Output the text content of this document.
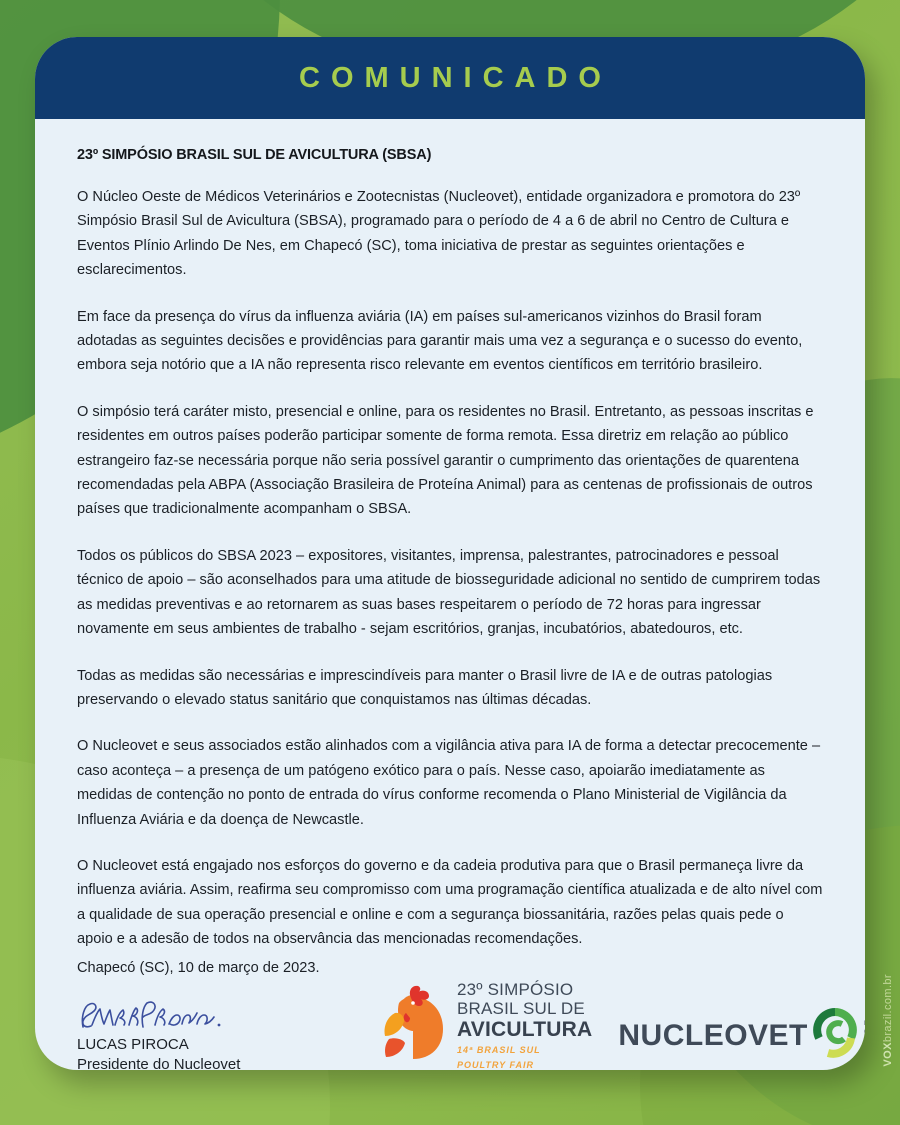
COMUNICADO
23º SIMPÓSIO BRASIL SUL DE AVICULTURA (SBSA)

O Núcleo Oeste de Médicos Veterinários e Zootecnistas (Nucleovet), entidade organizadora e promotora do 23º Simpósio Brasil Sul de Avicultura (SBSA), programado para o período de 4 a 6 de abril no Centro de Cultura e Eventos Plínio Arlindo De Nes, em Chapecó (SC), toma iniciativa de prestar as seguintes orientações e esclarecimentos.

Em face da presença do vírus da influenza aviária (IA) em países sul-americanos vizinhos do Brasil foram adotadas as seguintes decisões e providências para garantir mais uma vez a segurança e o sucesso do evento, embora seja notório que a IA não representa risco relevante em eventos científicos em território brasileiro.

O simpósio terá caráter misto, presencial e online, para os residentes no Brasil. Entretanto, as pessoas inscritas e residentes em outros países poderão participar somente de forma remota. Essa diretriz em relação ao público estrangeiro faz-se necessária porque não seria possível garantir o cumprimento das orientações de quarentena recomendadas pela ABPA (Associação Brasileira de Proteína Animal) para as centenas de profissionais de outros países que tradicionalmente acompanham o SBSA.

Todos os públicos do SBSA 2023 – expositores, visitantes, imprensa, palestrantes, patrocinadores e pessoal técnico de apoio – são aconselhados para uma atitude de biosseguridade adicional no sentido de cumprirem todas as medidas preventivas e ao retornarem as suas bases respeitarem o período de 72 horas para ingressar novamente em seus ambientes de trabalho - sejam escritórios, granjas, incubatórios, abatedouros, etc.

Todas as medidas são necessárias e imprescindíveis para manter o Brasil livre de IA e de outras patologias preservando o elevado status sanitário que conquistamos nas últimas décadas.

O Nucleovet e seus associados estão alinhados com a vigilância ativa para IA de forma a detectar precocemente – caso aconteça – a presença de um patógeno exótico para o país. Nesse caso, apoiarão imediatamente as medidas de contenção no ponto de entrada do vírus conforme recomenda o Plano Ministerial de Vigilância da Influenza Aviária e da doença de Newcastle.

O Nucleovet está engajado nos esforços do governo e da cadeia produtiva para que o Brasil permaneça livre da influenza aviária. Assim, reafirma seu compromisso com uma programação científica atualizada e de alto nível com a qualidade de sua operação presencial e online e com a segurança biossanitária, razões pelas quais pede o apoio e a adesão de todos na observância das mencionadas recomendações.

Chapecó (SC), 10 de março de 2023.
LUCAS PIROCA
Presidente do Nucleovet
23º SIMPÓSIO
BRASIL SUL DE
AVICULTURA
14ª BRASIL SUL
POULTRY FAIR
NUCLEOVET
VOXbrazil.com.br
